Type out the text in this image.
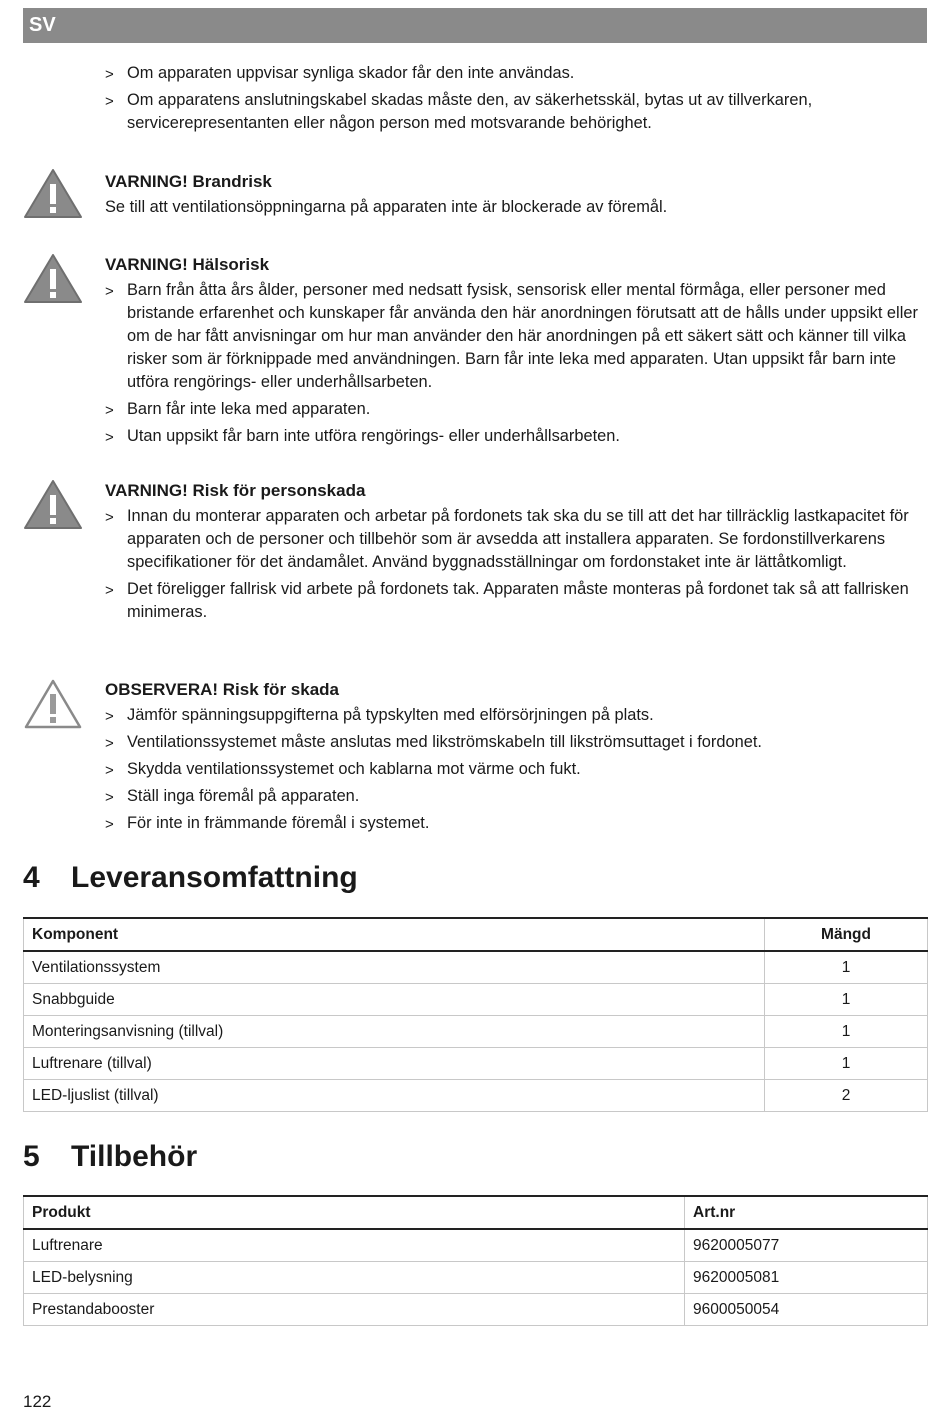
SV
> Om apparaten uppvisar synliga skador får den inte användas.
> Om apparatens anslutningskabel skadas måste den, av säkerhetsskäl, bytas ut av tillverkaren, servicerepresentanten eller någon person med motsvarande behörighet.
VARNING! Brandrisk
Se till att ventilationsöppningarna på apparaten inte är blockerade av föremål.
VARNING! Hälsorisk
> Barn från åtta års ålder, personer med nedsatt fysisk, sensorisk eller mental förmåga, eller personer med bristande erfarenhet och kunskaper får använda den här anordningen förutsatt att de hålls under uppsikt eller om de har fått anvisningar om hur man använder den här anordningen på ett säkert sätt och känner till vilka risker som är förknippade med användningen. Barn får inte leka med apparaten. Utan uppsikt får barn inte utföra rengörings- eller underhållsarbeten.
> Barn får inte leka med apparaten.
> Utan uppsikt får barn inte utföra rengörings- eller underhållsarbeten.
VARNING! Risk för personskada
> Innan du monterar apparaten och arbetar på fordonets tak ska du se till att det har tillräcklig lastkapacitet för apparaten och de personer och tillbehör som är avsedda att installera apparaten. Se fordonstillverkarens specifikationer för det ändamålet. Använd byggnadsställningar om fordonstaket inte är lättåtkomligt.
> Det föreligger fallrisk vid arbete på fordonets tak. Apparaten måste monteras på fordonet tak så att fallrisken minimeras.
OBSERVERA! Risk för skada
> Jämför spänningsuppgifterna på typskylten med elförsörjningen på plats.
> Ventilationssystemet måste anslutas med likströmskabeln till likströmsuttaget i fordonet.
> Skydda ventilationssystemet och kablarna mot värme och fukt.
> Ställ inga föremål på apparaten.
> För inte in främmande föremål i systemet.
4 Leveransomfattning
Komponent	Mängd
Ventilationssystem	1
Snabbguide	1
Monteringsanvisning (tillval)	1
Luftrenare (tillval)	1
LED-ljuslist (tillval)	2
5 Tillbehör
Produkt	Art.nr
Luftrenare	9620005077
LED-belysning	9620005081
Prestandabooster	9600050054
122
